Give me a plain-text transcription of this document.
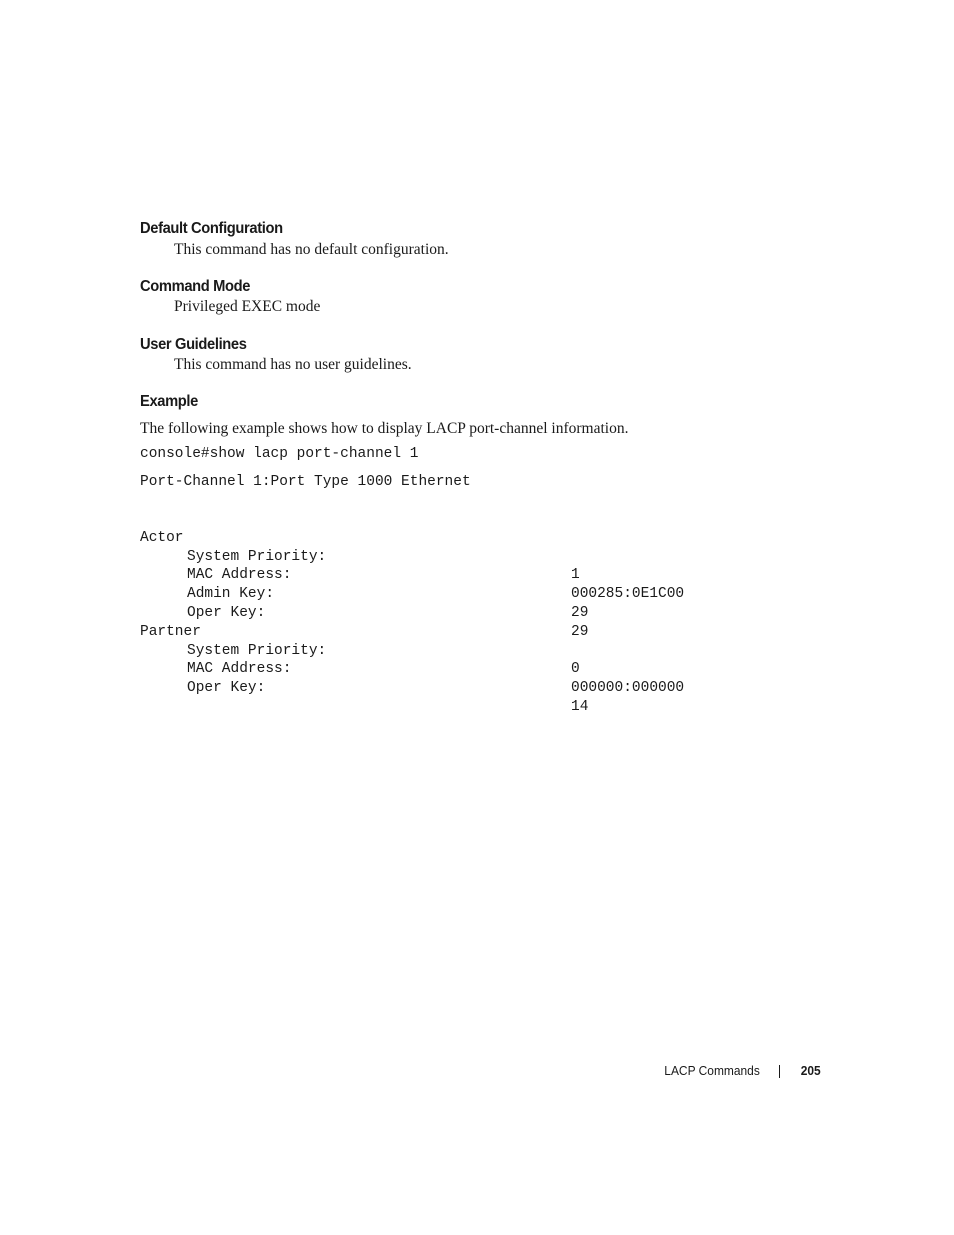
Default Configuration

This command has no default configuration.

Command Mode

Privileged EXEC mode

User Guidelines

This command has no user guidelines.

Example

The following example shows how to display LACP port-channel information.

console#show lacp port-channel 1
Port-Channel 1:Port Type 1000 Ethernet

Actor

System Priority:

1

MAC Address:

000285:0E1C00

Admin Key:

29

Oper Key:

29

Partner

System Priority:

0

MAC Address:

000000:000000

Oper Key:

14

LACP Commands	205
